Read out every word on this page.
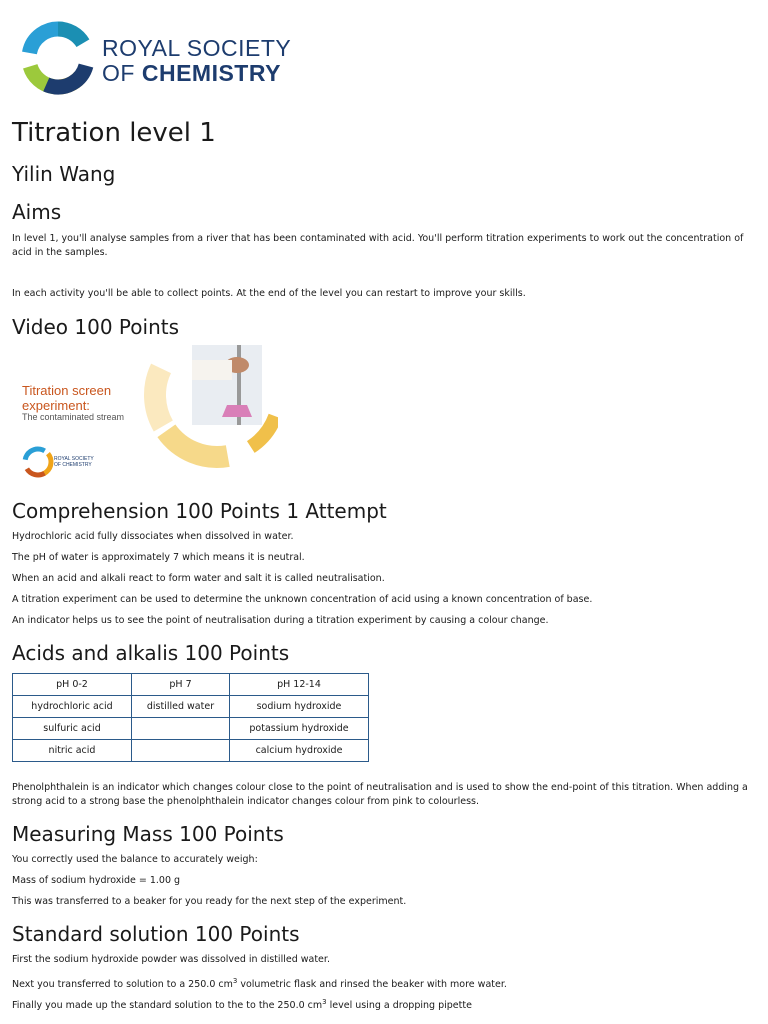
ROYAL SOCIETY
OF CHEMISTRY
Titration level 1
Yilin Wang
Aims

In level 1, you'll analyse samples from a river that has been contaminated with acid. You'll perform titration experiments to work out the concentration of acid in the samples.

In each activity you'll be able to collect points. At the end of the level you can restart to improve your skills.

Video 100 Points
Titration screen
experiment:
The contaminated stream
ROYAL SOCIETY
OF CHEMISTRY
Comprehension 100 Points 1 Attempt

Hydrochloric acid fully dissociates when dissolved in water.

The pH of water is approximately 7 which means it is neutral.

When an acid and alkali react to form water and salt it is called neutralisation.

A titration experiment can be used to determine the unknown concentration of acid using a known concentration of base.

An indicator helps us to see the point of neutralisation during a titration experiment by causing a colour change.

Acids and alkalis 100 Points
pH 0-2	pH 7	pH 12-14
hydrochloric acid	distilled water	sodium hydroxide
sulfuric acid		potassium hydroxide
nitric acid		calcium hydroxide

Phenolphthalein is an indicator which changes colour close to the point of neutralisation and is used to show the end-point of this titration. When adding a strong acid to a strong base the phenolphthalein indicator changes colour from pink to colourless.

Measuring Mass 100 Points

You correctly used the balance to accurately weigh:

Mass of sodium hydroxide = 1.00 g

This was transferred to a beaker for you ready for the next step of the experiment.

Standard solution 100 Points

First the sodium hydroxide powder was dissolved in distilled water.

Next you transferred to solution to a 250.0 $cm^3$ volumetric flask and rinsed the beaker with more water.

Finally you made up the standard solution to the to the 250.0 $cm^3$ level using a dropping pipette
